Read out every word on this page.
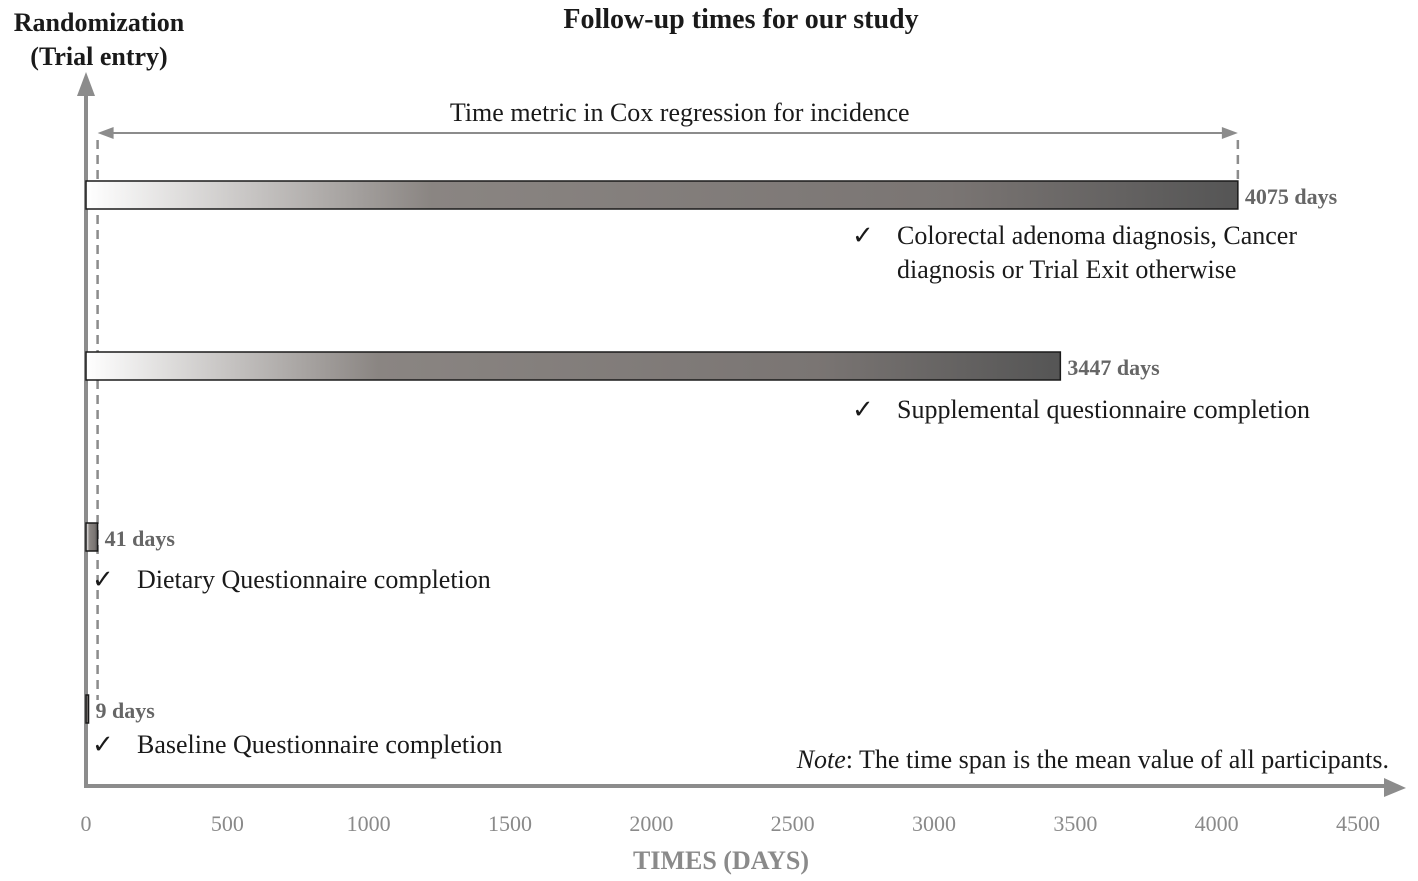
Follow-up times for our study
Randomization
(Trial entry)
0	500	1000	1500	2000	2500	3000	3500	4000	4500
TIMES (DAYS)
Time metric in Cox regression for incidence
4075 days
✓ Colorectal adenoma diagnosis, Cancer
diagnosis or Trial Exit otherwise
3447 days
✓ Supplemental questionnaire completion
41 days
✓ Dietary Questionnaire completion
9 days
✓ Baseline Questionnaire completion
Note: The time span is the mean value of all participants.
